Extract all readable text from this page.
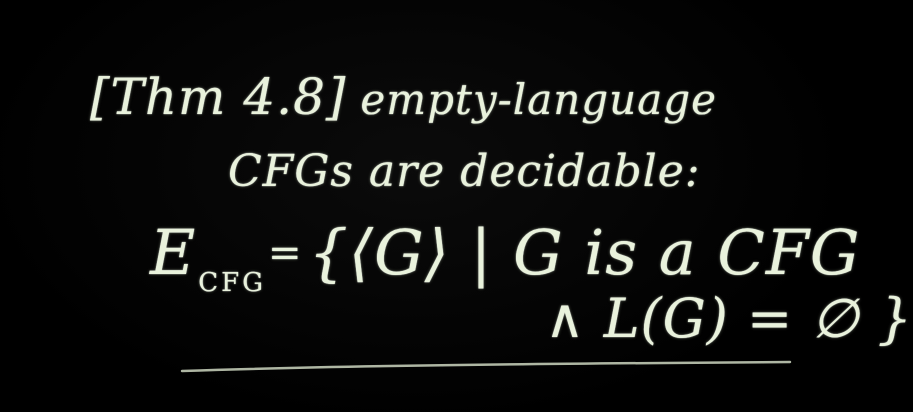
[Thm 4.8] empty-language
CFGs are decidable:
$E_{CFG}=\{⟨G⟩$ | G is a CFG
∧ L(G) = ∅ }
